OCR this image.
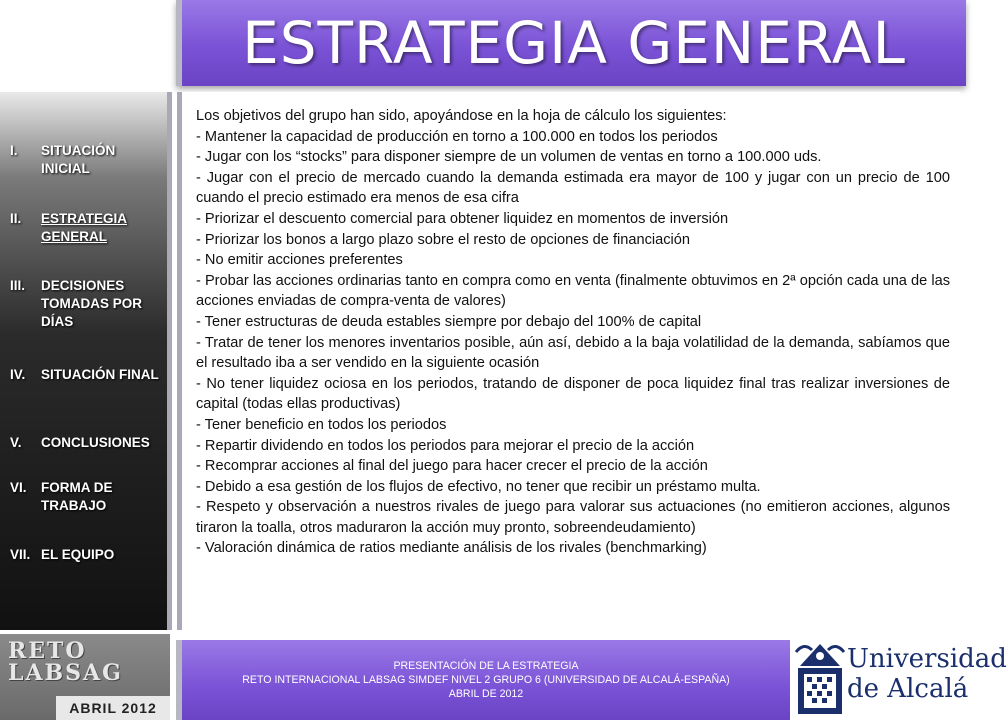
ESTRATEGIA GENERAL
I.	SITUACIÓN INICIAL
II.	ESTRATEGIA GENERAL
III.	DECISIONES TOMADAS POR DÍAS
IV.	SITUACIÓN FINAL
V.	CONCLUSIONES
VI.	FORMA DE TRABAJO
VII. EL EQUIPO

Los objetivos del grupo han sido, apoyándose en la hoja de cálculo los siguientes:

- Mantener la capacidad de producción en torno a 100.000 en todos los periodos

- Jugar con los “stocks” para disponer siempre de un volumen de ventas en torno a 100.000 uds.

- Jugar con el precio de mercado cuando la demanda estimada era mayor de 100 y jugar con un precio de 100 cuando el precio estimado era menos de esa cifra

- Priorizar el descuento comercial para obtener liquidez en momentos de inversión

- Priorizar los bonos a largo plazo sobre el resto de opciones de financiación

- No emitir acciones preferentes

- Probar las acciones ordinarias tanto en compra como en venta (finalmente obtuvimos en 2ª opción cada una de las acciones enviadas de compra-venta de valores)

- Tener estructuras de deuda estables siempre por debajo del 100% de capital

- Tratar de tener los menores inventarios posible, aún así, debido a la baja volatilidad de la demanda, sabíamos que el resultado iba a ser vendido en la siguiente ocasión

- No tener liquidez ociosa en los periodos, tratando de disponer de poca liquidez final tras realizar inversiones de capital (todas ellas productivas)

- Tener beneficio en todos los periodos

- Repartir dividendo en todos los periodos para mejorar el precio de la acción

- Recomprar acciones al final del juego para hacer crecer el precio de la acción

- Debido a esa gestión de los flujos de efectivo, no tener que recibir un préstamo multa.

- Respeto y observación a nuestros rivales de juego para valorar sus actuaciones (no emitieron acciones, algunos tiraron la toalla, otros maduraron la acción muy pronto, sobreendeudamiento)

- Valoración dinámica de ratios mediante análisis de los rivales (benchmarking)

RETO
LABSAG
ABRIL 2012
PRESENTACIÓN DE LA ESTRATEGIA
RETO INTERNACIONAL LABSAG SIMDEF NIVEL 2 GRUPO 6 (UNIVERSIDAD DE ALCALÁ-ESPAÑA)
ABRIL DE 2012
Universidad
de Alcalá
